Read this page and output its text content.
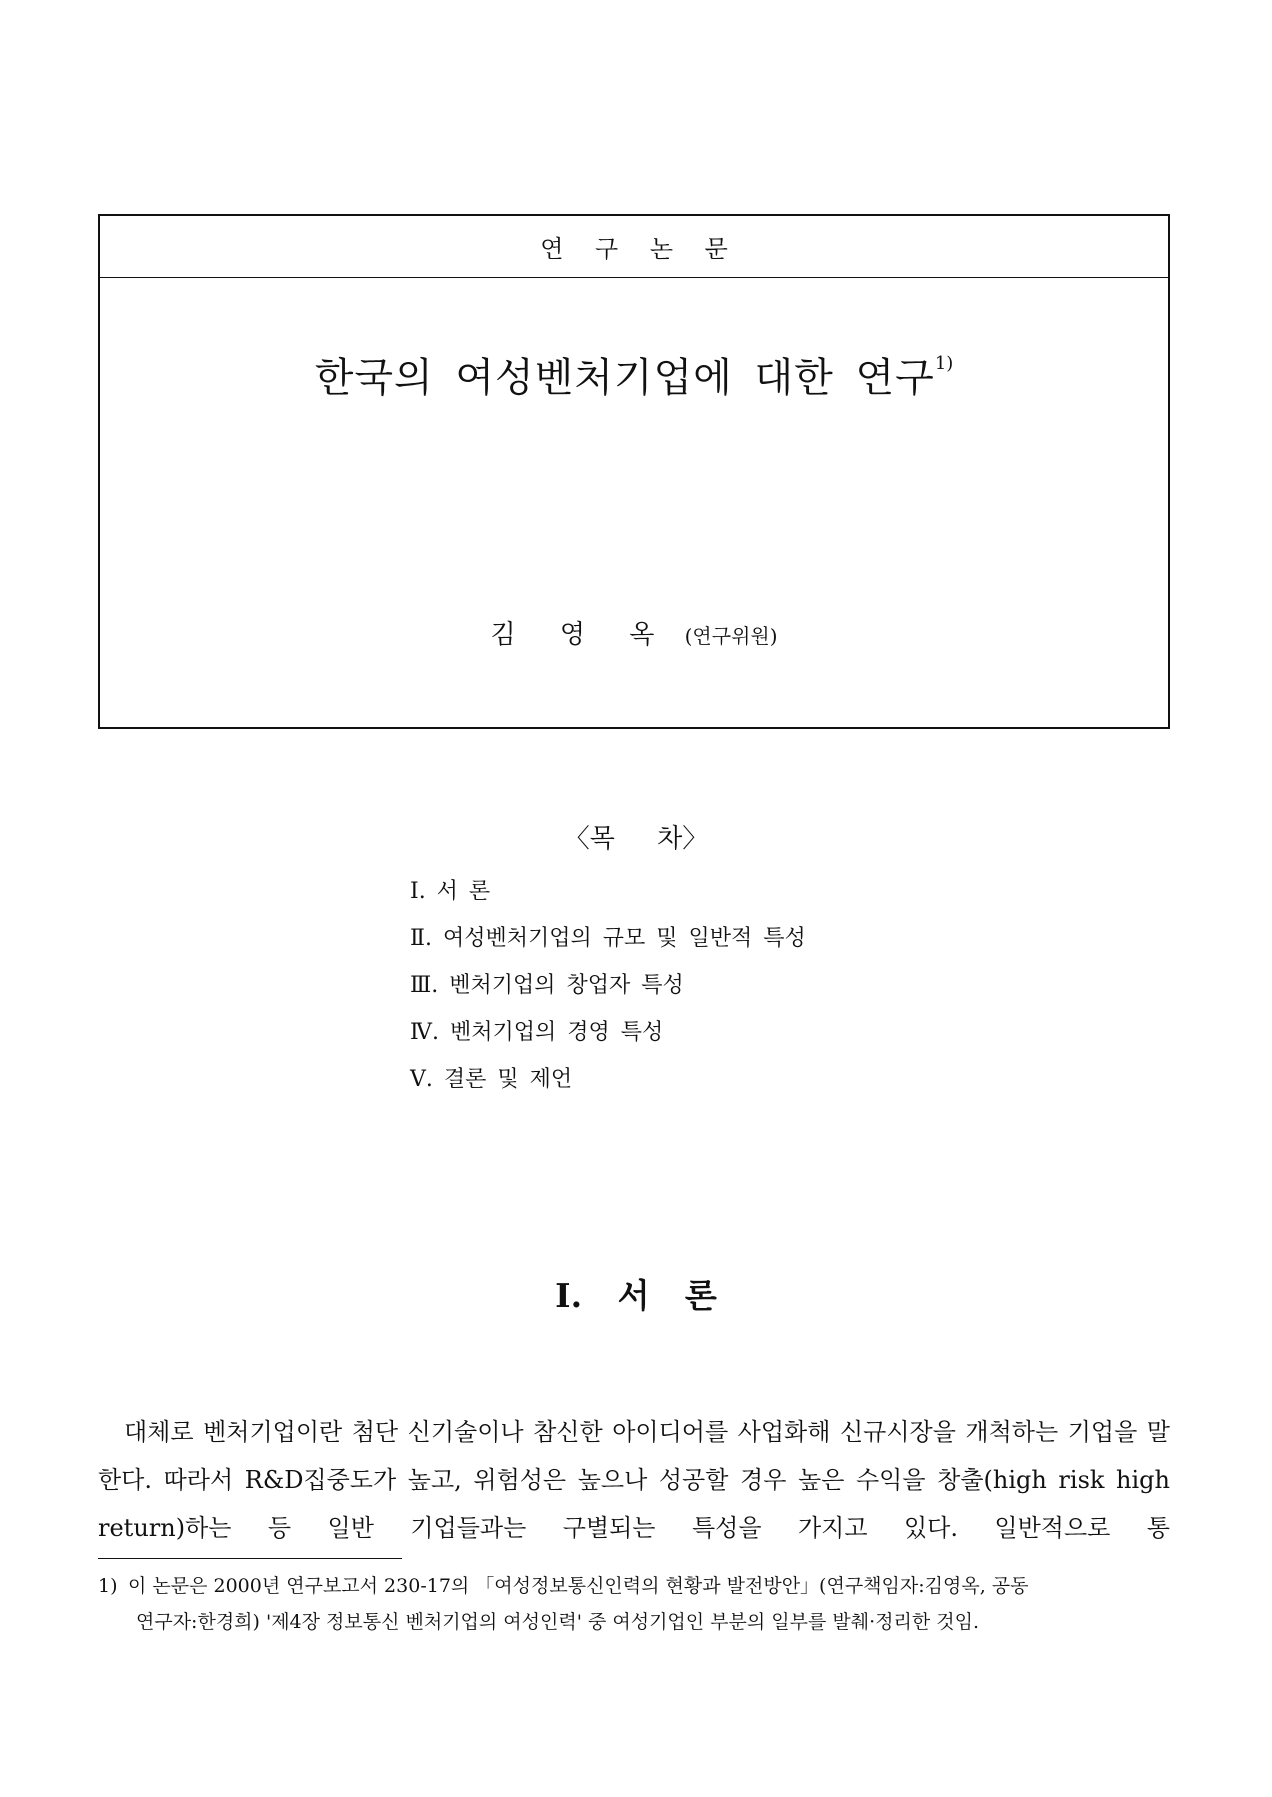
연 구 논 문
한국의 여성벤처기업에 대한 연구$^{1)}$
김 영 옥 (연구위원)
〈목 차〉
Ⅰ. 서 론
Ⅱ. 여성벤처기업의 규모 및 일반적 특성
Ⅲ. 벤처기업의 창업자 특성
Ⅳ. 벤처기업의 경영 특성
Ⅴ. 결론 및 제언
Ⅰ. 서 론

대체로 벤처기업이란 첨단 신기술이나 참신한 아이디어를 사업화해 신규시장을 개척하는 기업을 말한다. 따라서 R&D집중도가 높고, 위험성은 높으나 성공할 경우 높은 수익을 창출(high risk high return)하는 등 일반 기업들과는 구별되는 특성을 가지고 있다. 일반적으로 통

1) 이 논문은 2000년 연구보고서 230-17의 「여성정보통신인력의 현황과 발전방안」(연구책임자:김영옥, 공동
연구자:한경희) '제4장 정보통신 벤처기업의 여성인력' 중 여성기업인 부분의 일부를 발췌·정리한 것임.
